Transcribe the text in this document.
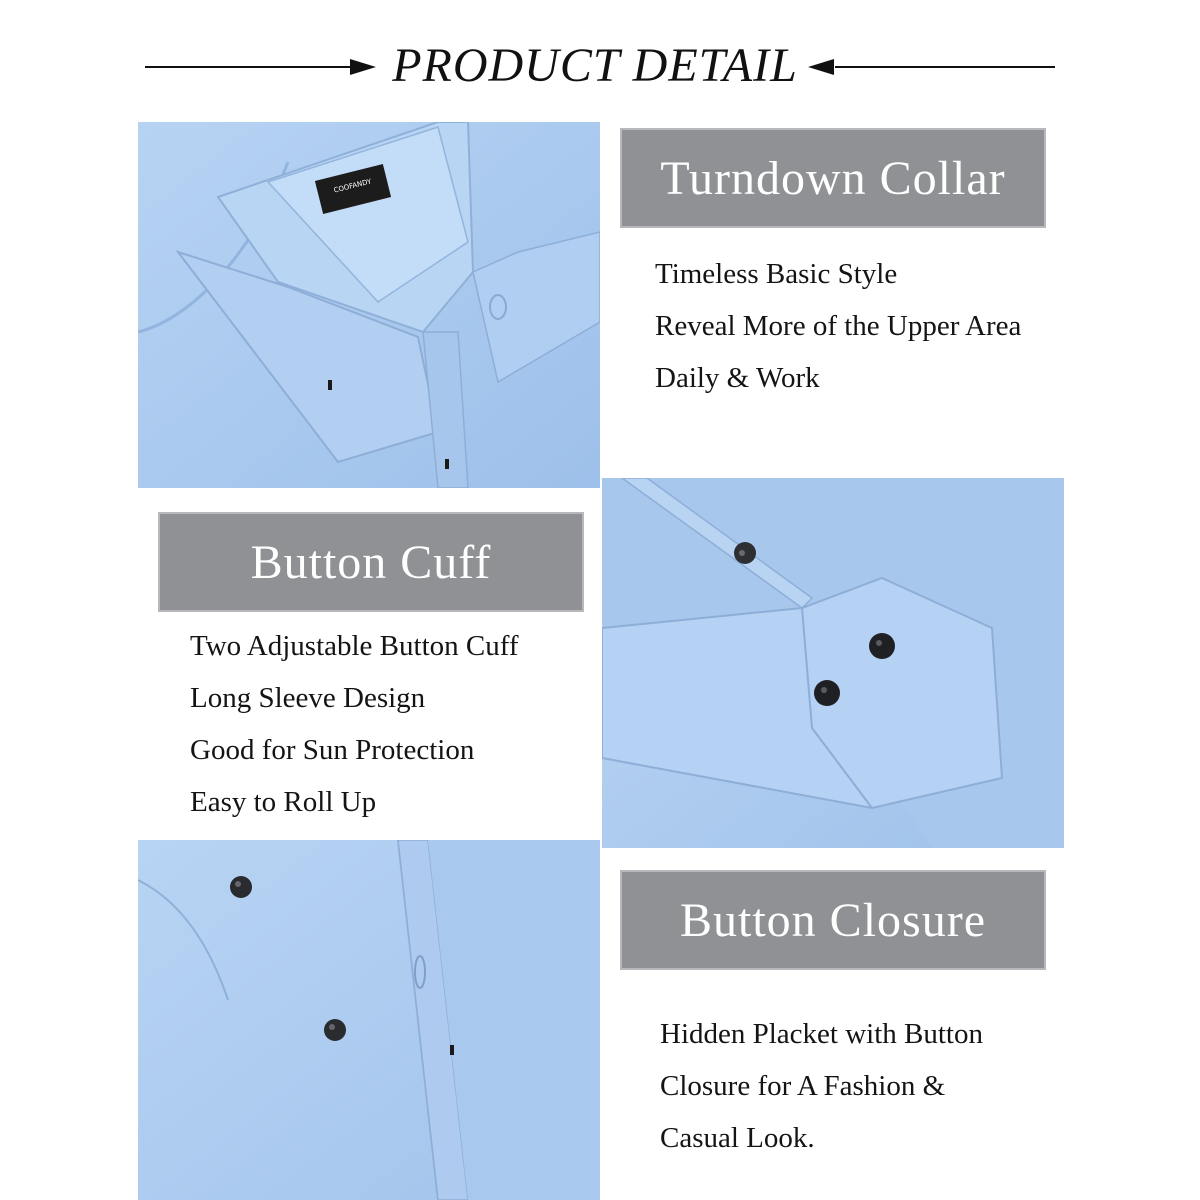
PRODUCT DETAIL
COOFANDY	Turndown Collar
Timeless Basic Style
Reveal More of the Upper Area
Daily & Work
Button Cuff
Two Adjustable Button Cuff
Long Sleeve Design
Good for Sun Protection
Easy to Roll Up
Button Closure
Hidden Placket with Button
Closure for A Fashion &
Casual Look.
